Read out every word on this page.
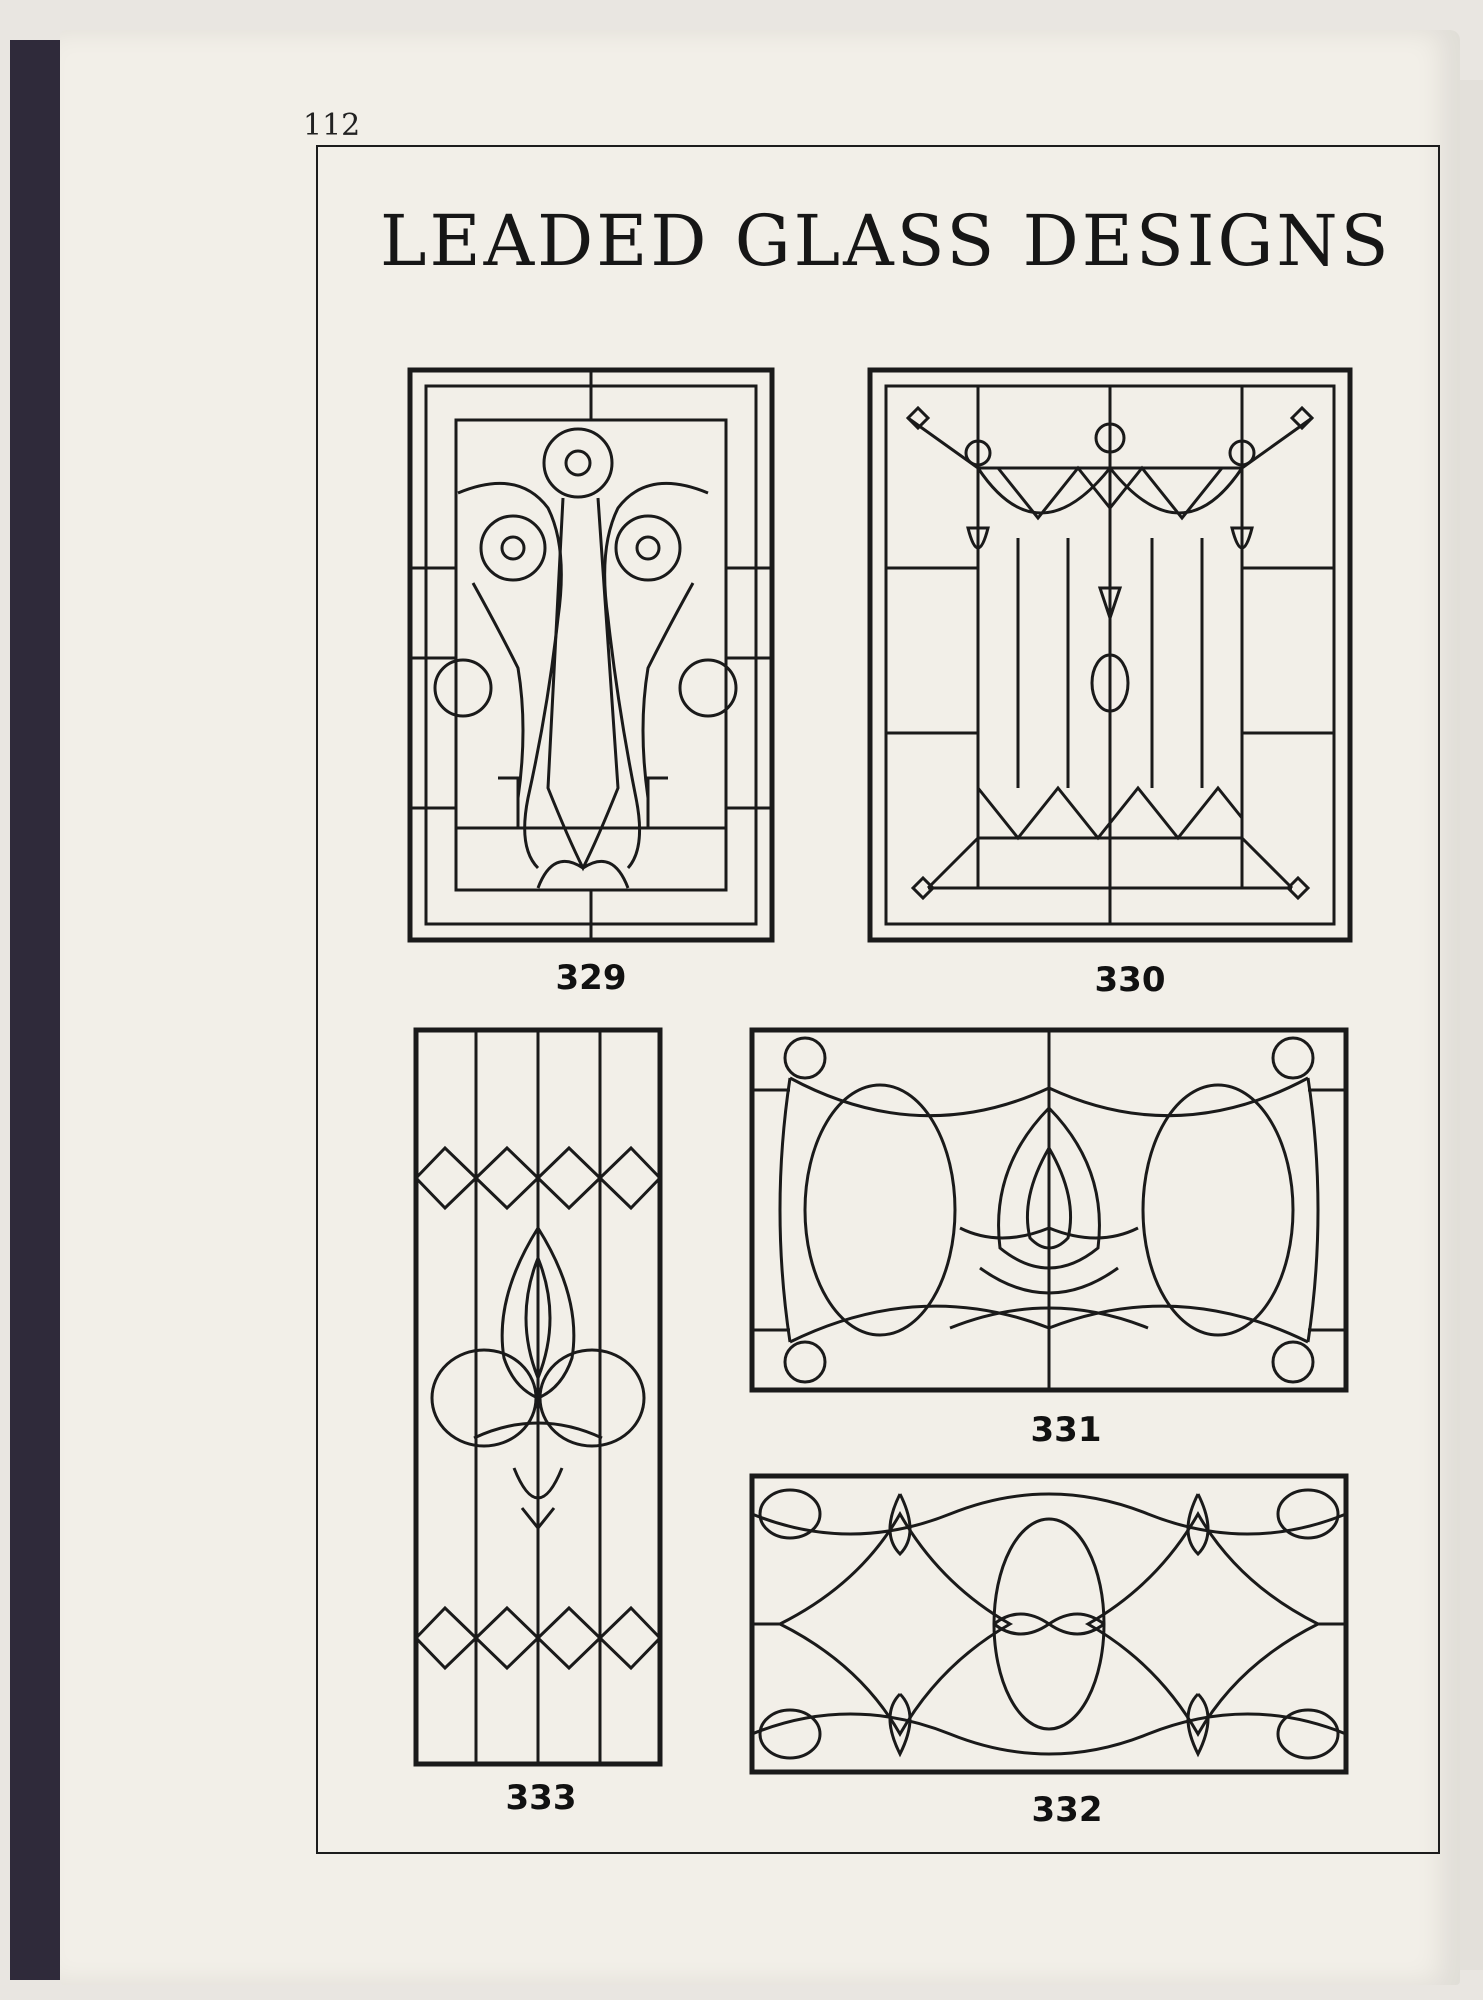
112
LEADED GLASS DESIGNS
329	330
333
331
332
